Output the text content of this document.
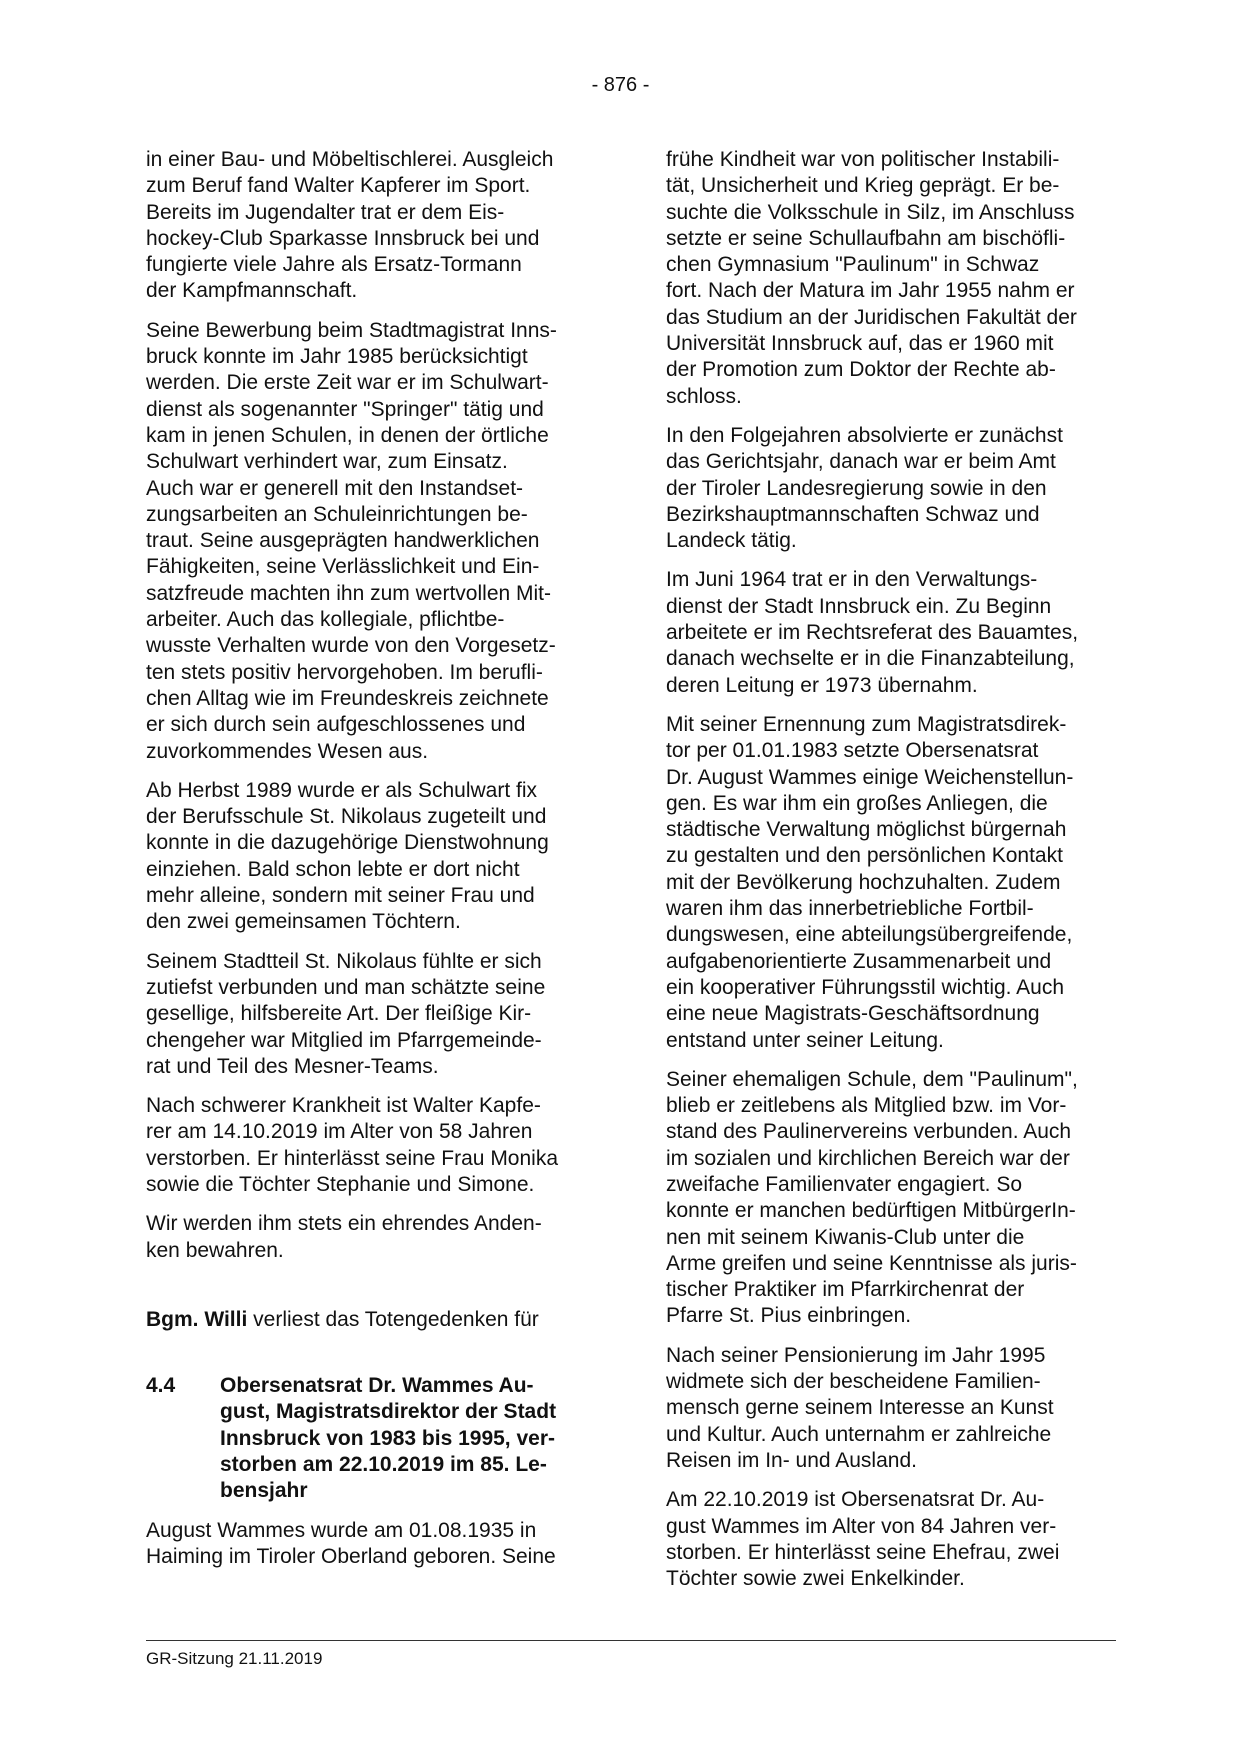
- 876 -
in einer Bau- und Möbeltischlerei. Ausgleich
zum Beruf fand Walter Kapferer im Sport.
Bereits im Jugendalter trat er dem Eis-
hockey-Club Sparkasse Innsbruck bei und
fungierte viele Jahre als Ersatz-Tormann
der Kampfmannschaft.
Seine Bewerbung beim Stadtmagistrat Inns-
bruck konnte im Jahr 1985 berücksichtigt
werden. Die erste Zeit war er im Schulwart-
dienst als sogenannter "Springer" tätig und
kam in jenen Schulen, in denen der örtliche
Schulwart verhindert war, zum Einsatz.
Auch war er generell mit den Instandset-
zungsarbeiten an Schuleinrichtungen be-
traut. Seine ausgeprägten handwerklichen
Fähigkeiten, seine Verlässlichkeit und Ein-
satzfreude machten ihn zum wertvollen Mit-
arbeiter. Auch das kollegiale, pflichtbe-
wusste Verhalten wurde von den Vorgesetz-
ten stets positiv hervorgehoben. Im berufli-
chen Alltag wie im Freundeskreis zeichnete
er sich durch sein aufgeschlossenes und
zuvorkommendes Wesen aus.
Ab Herbst 1989 wurde er als Schulwart fix
der Berufsschule St. Nikolaus zugeteilt und
konnte in die dazugehörige Dienstwohnung
einziehen. Bald schon lebte er dort nicht
mehr alleine, sondern mit seiner Frau und
den zwei gemeinsamen Töchtern.
Seinem Stadtteil St. Nikolaus fühlte er sich
zutiefst verbunden und man schätzte seine
gesellige, hilfsbereite Art. Der fleißige Kir-
chengeher war Mitglied im Pfarrgemeinde-
rat und Teil des Mesner-Teams.
Nach schwerer Krankheit ist Walter Kapfe-
rer am 14.10.2019 im Alter von 58 Jahren
verstorben. Er hinterlässt seine Frau Monika
sowie die Töchter Stephanie und Simone.
Wir werden ihm stets ein ehrendes Anden-
ken bewahren.
Bgm. Willi verliest das Totengedenken für
4.4	Obersenatsrat Dr. Wammes Au-
gust, Magistratsdirektor der Stadt
Innsbruck von 1983 bis 1995, ver-
storben am 22.10.2019 im 85. Le-
bensjahr
August Wammes wurde am 01.08.1935 in
Haiming im Tiroler Oberland geboren. Seine
frühe Kindheit war von politischer Instabili-
tät, Unsicherheit und Krieg geprägt. Er be-
suchte die Volksschule in Silz, im Anschluss
setzte er seine Schullaufbahn am bischöfli-
chen Gymnasium "Paulinum" in Schwaz
fort. Nach der Matura im Jahr 1955 nahm er
das Studium an der Juridischen Fakultät der
Universität Innsbruck auf, das er 1960 mit
der Promotion zum Doktor der Rechte ab-
schloss.
In den Folgejahren absolvierte er zunächst
das Gerichtsjahr, danach war er beim Amt
der Tiroler Landesregierung sowie in den
Bezirkshauptmannschaften Schwaz und
Landeck tätig.
Im Juni 1964 trat er in den Verwaltungs-
dienst der Stadt Innsbruck ein. Zu Beginn
arbeitete er im Rechtsreferat des Bauamtes,
danach wechselte er in die Finanzabteilung,
deren Leitung er 1973 übernahm.
Mit seiner Ernennung zum Magistratsdirek-
tor per 01.01.1983 setzte Obersenatsrat
Dr. August Wammes einige Weichenstellun-
gen. Es war ihm ein großes Anliegen, die
städtische Verwaltung möglichst bürgernah
zu gestalten und den persönlichen Kontakt
mit der Bevölkerung hochzuhalten. Zudem
waren ihm das innerbetriebliche Fortbil-
dungswesen, eine abteilungsübergreifende,
aufgabenorientierte Zusammenarbeit und
ein kooperativer Führungsstil wichtig. Auch
eine neue Magistrats-Geschäftsordnung
entstand unter seiner Leitung.
Seiner ehemaligen Schule, dem "Paulinum",
blieb er zeitlebens als Mitglied bzw. im Vor-
stand des Paulinervereins verbunden. Auch
im sozialen und kirchlichen Bereich war der
zweifache Familienvater engagiert. So
konnte er manchen bedürftigen MitbürgerIn-
nen mit seinem Kiwanis-Club unter die
Arme greifen und seine Kenntnisse als juris-
tischer Praktiker im Pfarrkirchenrat der
Pfarre St. Pius einbringen.
Nach seiner Pensionierung im Jahr 1995
widmete sich der bescheidene Familien-
mensch gerne seinem Interesse an Kunst
und Kultur. Auch unternahm er zahlreiche
Reisen im In- und Ausland.
Am 22.10.2019 ist Obersenatsrat Dr. Au-
gust Wammes im Alter von 84 Jahren ver-
storben. Er hinterlässt seine Ehefrau, zwei
Töchter sowie zwei Enkelkinder.
GR-Sitzung 21.11.2019
